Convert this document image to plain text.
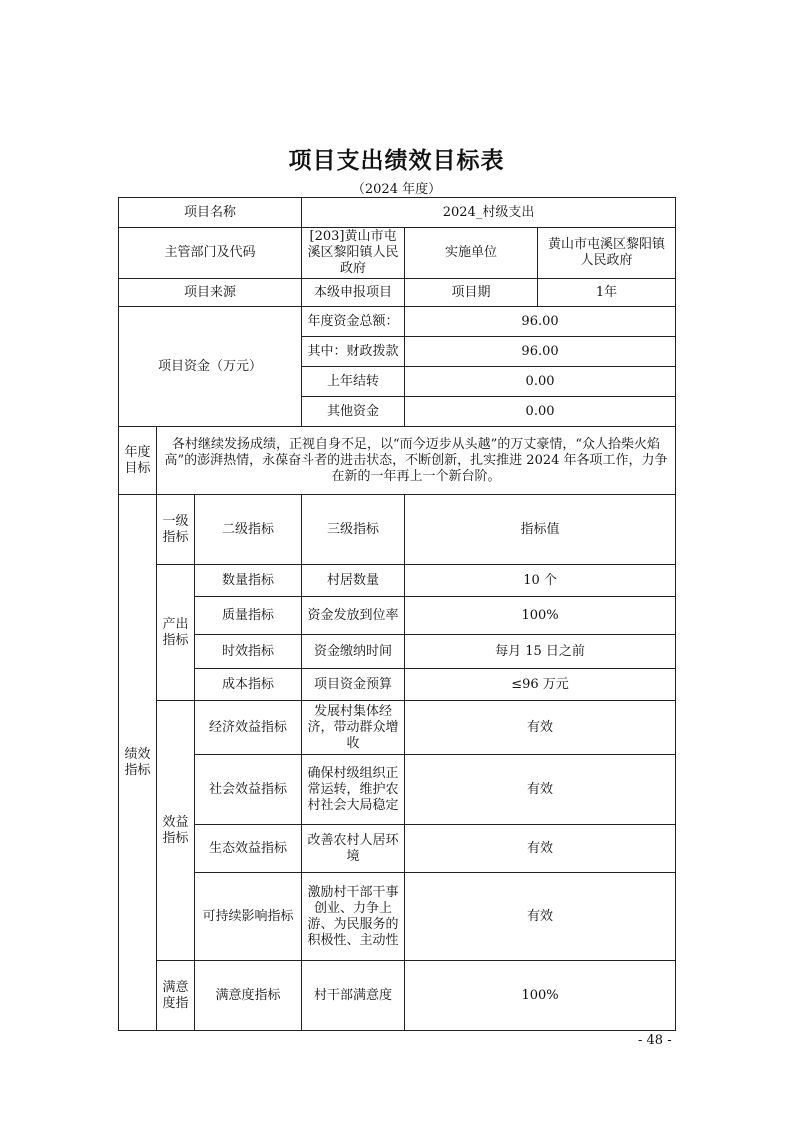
项目支出绩效目标表
（2024 年度）
项目名称			2024_村级支出		
主管部门及代码			[203]黄山市屯溪区黎阳镇人民政府	实施单位	黄山市屯溪区黎阳镇人民政府
项目来源			本级申报项目	项目期	1年
项目资金（万元）			年度资金总额：	96.00	
			其中：财政拨款	96.00	
			上年结转	0.00	
			其他资金	0.00	
年度目标	各村继续发扬成绩，正视自身不足，以“而今迈步从头越”的万丈豪情，“众人拾柴火焰高”的澎湃热情，永葆奋斗者的进击状态，不断创新，扎实推进 2024 年各项工作，力争在新的一年再上一个新台阶。				
绩效指标	一级指标	二级指标	三级指标	指标值	
	产出指标	数量指标	村居数量	10 个	
		质量指标	资金发放到位率	100%	
		时效指标	资金缴纳时间	每月 15 日之前	
		成本指标	项目资金预算	≤96 万元	
	效益指标	经济效益指标	发展村集体经济，带动群众增收	有效	
		社会效益指标	确保村级组织正常运转，维护农村社会大局稳定	有效	
		生态效益指标	改善农村人居环境	有效	
		可持续影响指标	激励村干部干事创业、力争上游、为民服务的积极性、主动性	有效	
	满意度指	满意度指标	村干部满意度	100%	
- 48 -
